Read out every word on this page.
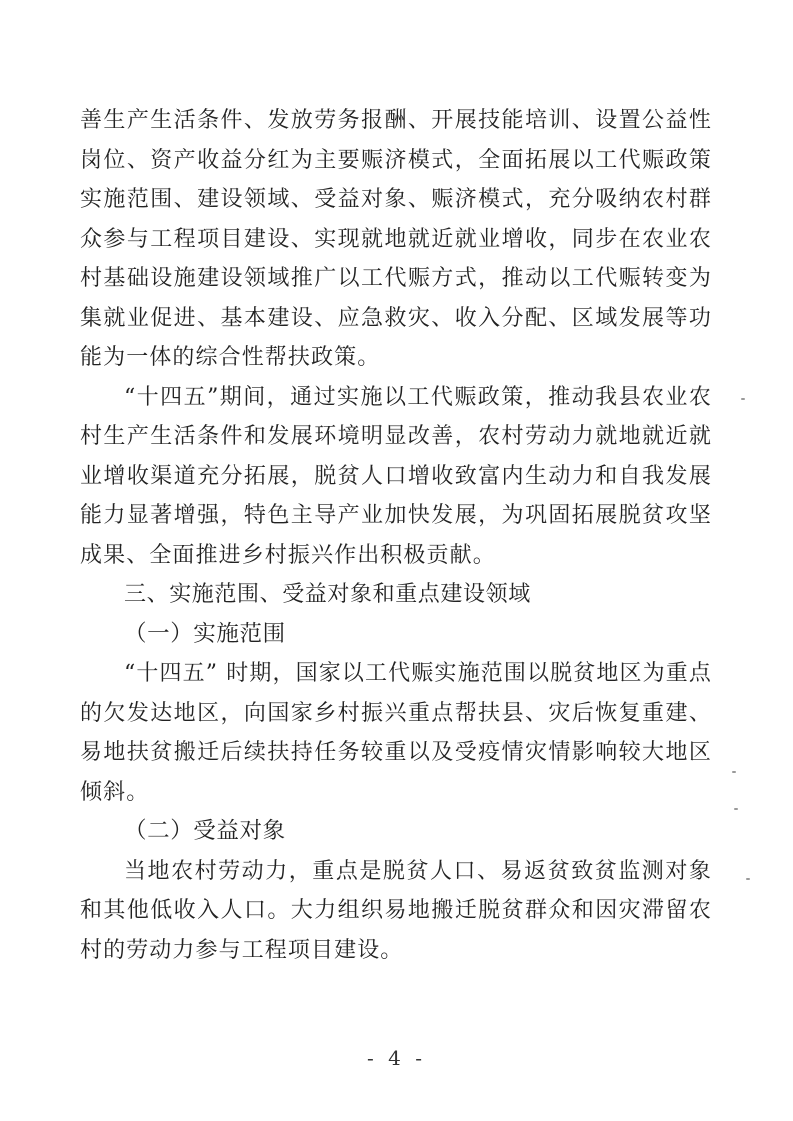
善生产生活条件、发放劳务报酬、开展技能培训、设置公益性岗位、资产收益分红为主要赈济模式，全面拓展以工代赈政策实施范围、建设领域、受益对象、赈济模式，充分吸纳农村群众参与工程项目建设、实现就地就近就业增收，同步在农业农村基础设施建设领域推广以工代赈方式，推动以工代赈转变为集就业促进、基本建设、应急救灾、收入分配、区域发展等功能为一体的综合性帮扶政策。

“十四五”期间，通过实施以工代赈政策，推动我县农业农村生产生活条件和发展环境明显改善，农村劳动力就地就近就业增收渠道充分拓展，脱贫人口增收致富内生动力和自我发展能力显著增强，特色主导产业加快发展，为巩固拓展脱贫攻坚成果、全面推进乡村振兴作出积极贡献。

三、实施范围、受益对象和重点建设领域

（一）实施范围

“十四五” 时期，国家以工代赈实施范围以脱贫地区为重点的欠发达地区，向国家乡村振兴重点帮扶县、灾后恢复重建、易地扶贫搬迁后续扶持任务较重以及受疫情灾情影响较大地区倾斜。

（二）受益对象

当地农村劳动力，重点是脱贫人口、易返贫致贫监测对象和其他低收入人口。大力组织易地搬迁脱贫群众和因灾滞留农村的劳动力参与工程项目建设。

- 4 -
